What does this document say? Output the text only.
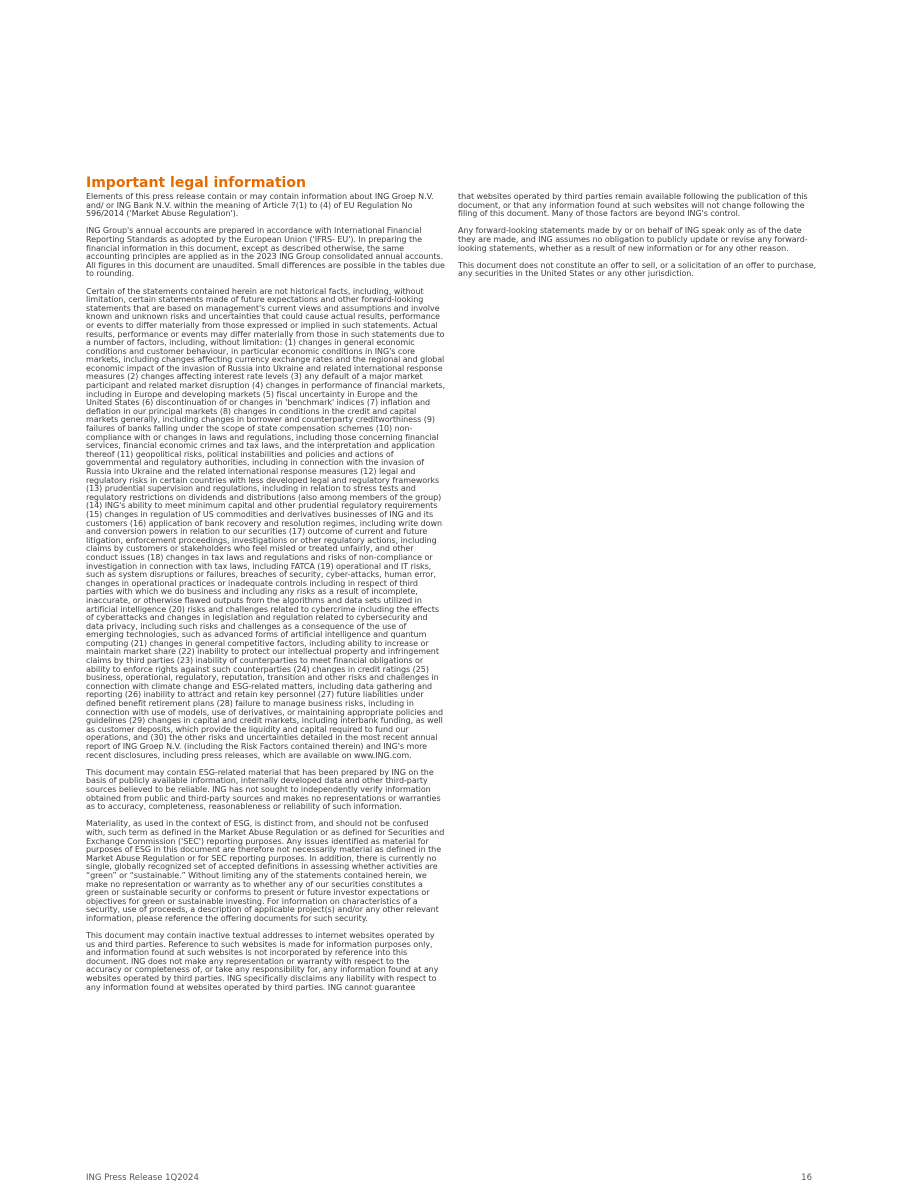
Important legal information

Elements of this press release contain or may contain information about ING Groep N.V. and/ or ING Bank N.V. within the meaning of Article 7(1) to (4) of EU Regulation No 596/2014 ('Market Abuse Regulation').

ING Group's annual accounts are prepared in accordance with International Financial Reporting Standards as adopted by the European Union ('IFRS- EU'). In preparing the financial information in this document, except as described otherwise, the same accounting principles are applied as in the 2023 ING Group consolidated annual accounts. All figures in this document are unaudited. Small differences are possible in the tables due to rounding.

Certain of the statements contained herein are not historical facts, including, without limitation, certain statements made of future expectations and other forward-looking statements that are based on management's current views and assumptions and involve known and unknown risks and uncertainties that could cause actual results, performance or events to differ materially from those expressed or implied in such statements. Actual results, performance or events may differ materially from those in such statements due to a number of factors, including, without limitation: (1) changes in general economic conditions and customer behaviour, in particular economic conditions in ING's core markets, including changes affecting currency exchange rates and the regional and global economic impact of the invasion of Russia into Ukraine and related international response measures (2) changes affecting interest rate levels (3) any default of a major market participant and related market disruption (4) changes in performance of financial markets, including in Europe and developing markets (5) fiscal uncertainty in Europe and the United States (6) discontinuation of or changes in 'benchmark' indices (7) inflation and deflation in our principal markets (8) changes in conditions in the credit and capital markets generally, including changes in borrower and counterparty creditworthiness (9) failures of banks falling under the scope of state compensation schemes (10) non-compliance with or changes in laws and regulations, including those concerning financial services, financial economic crimes and tax laws, and the interpretation and application thereof (11) geopolitical risks, political instabilities and policies and actions of governmental and regulatory authorities, including in connection with the invasion of Russia into Ukraine and the related international response measures (12) legal and regulatory risks in certain countries with less developed legal and regulatory frameworks (13) prudential supervision and regulations, including in relation to stress tests and regulatory restrictions on dividends and distributions (also among members of the group) (14) ING's ability to meet minimum capital and other prudential regulatory requirements (15) changes in regulation of US commodities and derivatives businesses of ING and its customers (16) application of bank recovery and resolution regimes, including write down and conversion powers in relation to our securities (17) outcome of current and future litigation, enforcement proceedings, investigations or other regulatory actions, including claims by customers or stakeholders who feel misled or treated unfairly, and other conduct issues (18) changes in tax laws and regulations and risks of non-compliance or investigation in connection with tax laws, including FATCA (19) operational and IT risks, such as system disruptions or failures, breaches of security, cyber-attacks, human error, changes in operational practices or inadequate controls including in respect of third parties with which we do business and including any risks as a result of incomplete, inaccurate, or otherwise flawed outputs from the algorithms and data sets utilized in artificial intelligence (20) risks and challenges related to cybercrime including the effects of cyberattacks and changes in legislation and regulation related to cybersecurity and data privacy, including such risks and challenges as a consequence of the use of emerging technologies, such as advanced forms of artificial intelligence and quantum computing (21) changes in general competitive factors, including ability to increase or maintain market share (22) inability to protect our intellectual property and infringement claims by third parties (23) inability of counterparties to meet financial obligations or ability to enforce rights against such counterparties (24) changes in credit ratings (25) business, operational, regulatory, reputation, transition and other risks and challenges in connection with climate change and ESG-related matters, including data gathering and reporting (26) inability to attract and retain key personnel (27) future liabilities under defined benefit retirement plans (28) failure to manage business risks, including in connection with use of models, use of derivatives, or maintaining appropriate policies and guidelines (29) changes in capital and credit markets, including interbank funding, as well as customer deposits, which provide the liquidity and capital required to fund our operations, and (30) the other risks and uncertainties detailed in the most recent annual report of ING Groep N.V. (including the Risk Factors contained therein) and ING's more recent disclosures, including press releases, which are available on www.ING.com.

This document may contain ESG-related material that has been prepared by ING on the basis of publicly available information, internally developed data and other third-party sources believed to be reliable. ING has not sought to independently verify information obtained from public and third-party sources and makes no representations or warranties as to accuracy, completeness, reasonableness or reliability of such information.

Materiality, as used in the context of ESG, is distinct from, and should not be confused with, such term as defined in the Market Abuse Regulation or as defined for Securities and Exchange Commission ('SEC') reporting purposes. Any issues identified as material for purposes of ESG in this document are therefore not necessarily material as defined in the Market Abuse Regulation or for SEC reporting purposes. In addition, there is currently no single, globally recognized set of accepted definitions in assessing whether activities are “green” or “sustainable.” Without limiting any of the statements contained herein, we make no representation or warranty as to whether any of our securities constitutes a green or sustainable security or conforms to present or future investor expectations or objectives for green or sustainable investing. For information on characteristics of a security, use of proceeds, a description of applicable project(s) and/or any other relevant information, please reference the offering documents for such security.

This document may contain inactive textual addresses to internet websites operated by us and third parties. Reference to such websites is made for information purposes only, and information found at such websites is not incorporated by reference into this document. ING does not make any representation or warranty with respect to the accuracy or completeness of, or take any responsibility for, any information found at any websites operated by third parties. ING specifically disclaims any liability with respect to any information found at websites operated by third parties. ING cannot guarantee

that websites operated by third parties remain available following the publication of this document, or that any information found at such websites will not change following the filing of this document. Many of those factors are beyond ING's control.

Any forward-looking statements made by or on behalf of ING speak only as of the date they are made, and ING assumes no obligation to publicly update or revise any forward-looking statements, whether as a result of new information or for any other reason.

This document does not constitute an offer to sell, or a solicitation of an offer to purchase, any securities in the United States or any other jurisdiction.

ING Press Release 1Q2024	16
